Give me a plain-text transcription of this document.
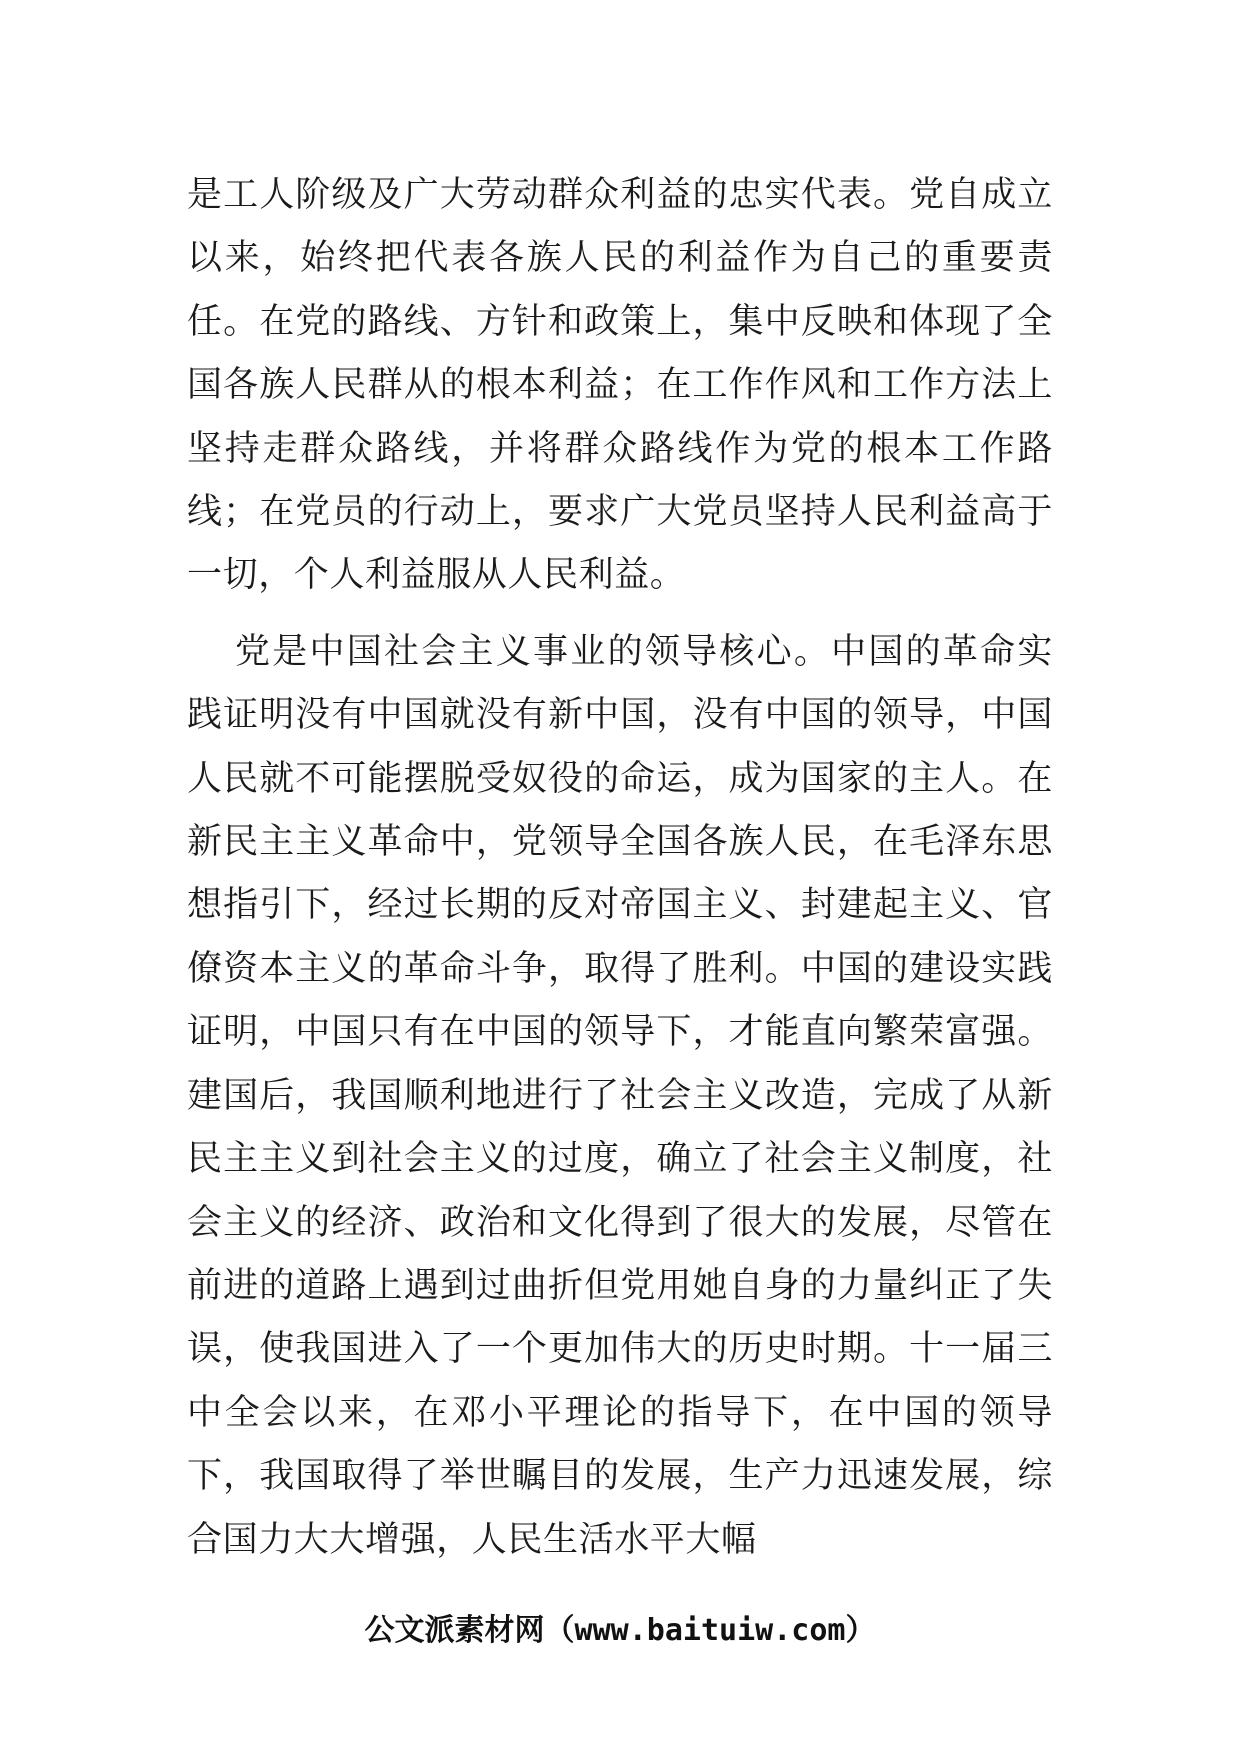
是工人阶级及广大劳动群众利益的忠实代表。党自成立以来，始终把代表各族人民的利益作为自己的重要责任。在党的路线、方针和政策上，集中反映和体现了全国各族人民群从的根本利益；在工作作风和工作方法上坚持走群众路线，并将群众路线作为党的根本工作路线；在党员的行动上，要求广大党员坚持人民利益高于一切，个人利益服从人民利益。

党是中国社会主义事业的领导核心。中国的革命实践证明没有中国就没有新中国，没有中国的领导，中国人民就不可能摆脱受奴役的命运，成为国家的主人。在新民主主义革命中，党领导全国各族人民，在毛泽东思想指引下，经过长期的反对帝国主义、封建起主义、官僚资本主义的革命斗争，取得了胜利。中国的建设实践证明，中国只有在中国的领导下，才能直向繁荣富强。建国后，我国顺利地进行了社会主义改造，完成了从新民主主义到社会主义的过度，确立了社会主义制度，社会主义的经济、政治和文化得到了很大的发展，尽管在前进的道路上遇到过曲折但党用她自身的力量纠正了失误，使我国进入了一个更加伟大的历史时期。十一届三中全会以来，在邓小平理论的指导下，在中国的领导下，我国取得了举世瞩目的发展，生产力迅速发展，综合国力大大增强，人民生活水平大幅

公文派素材网（www.baituiw.com）
